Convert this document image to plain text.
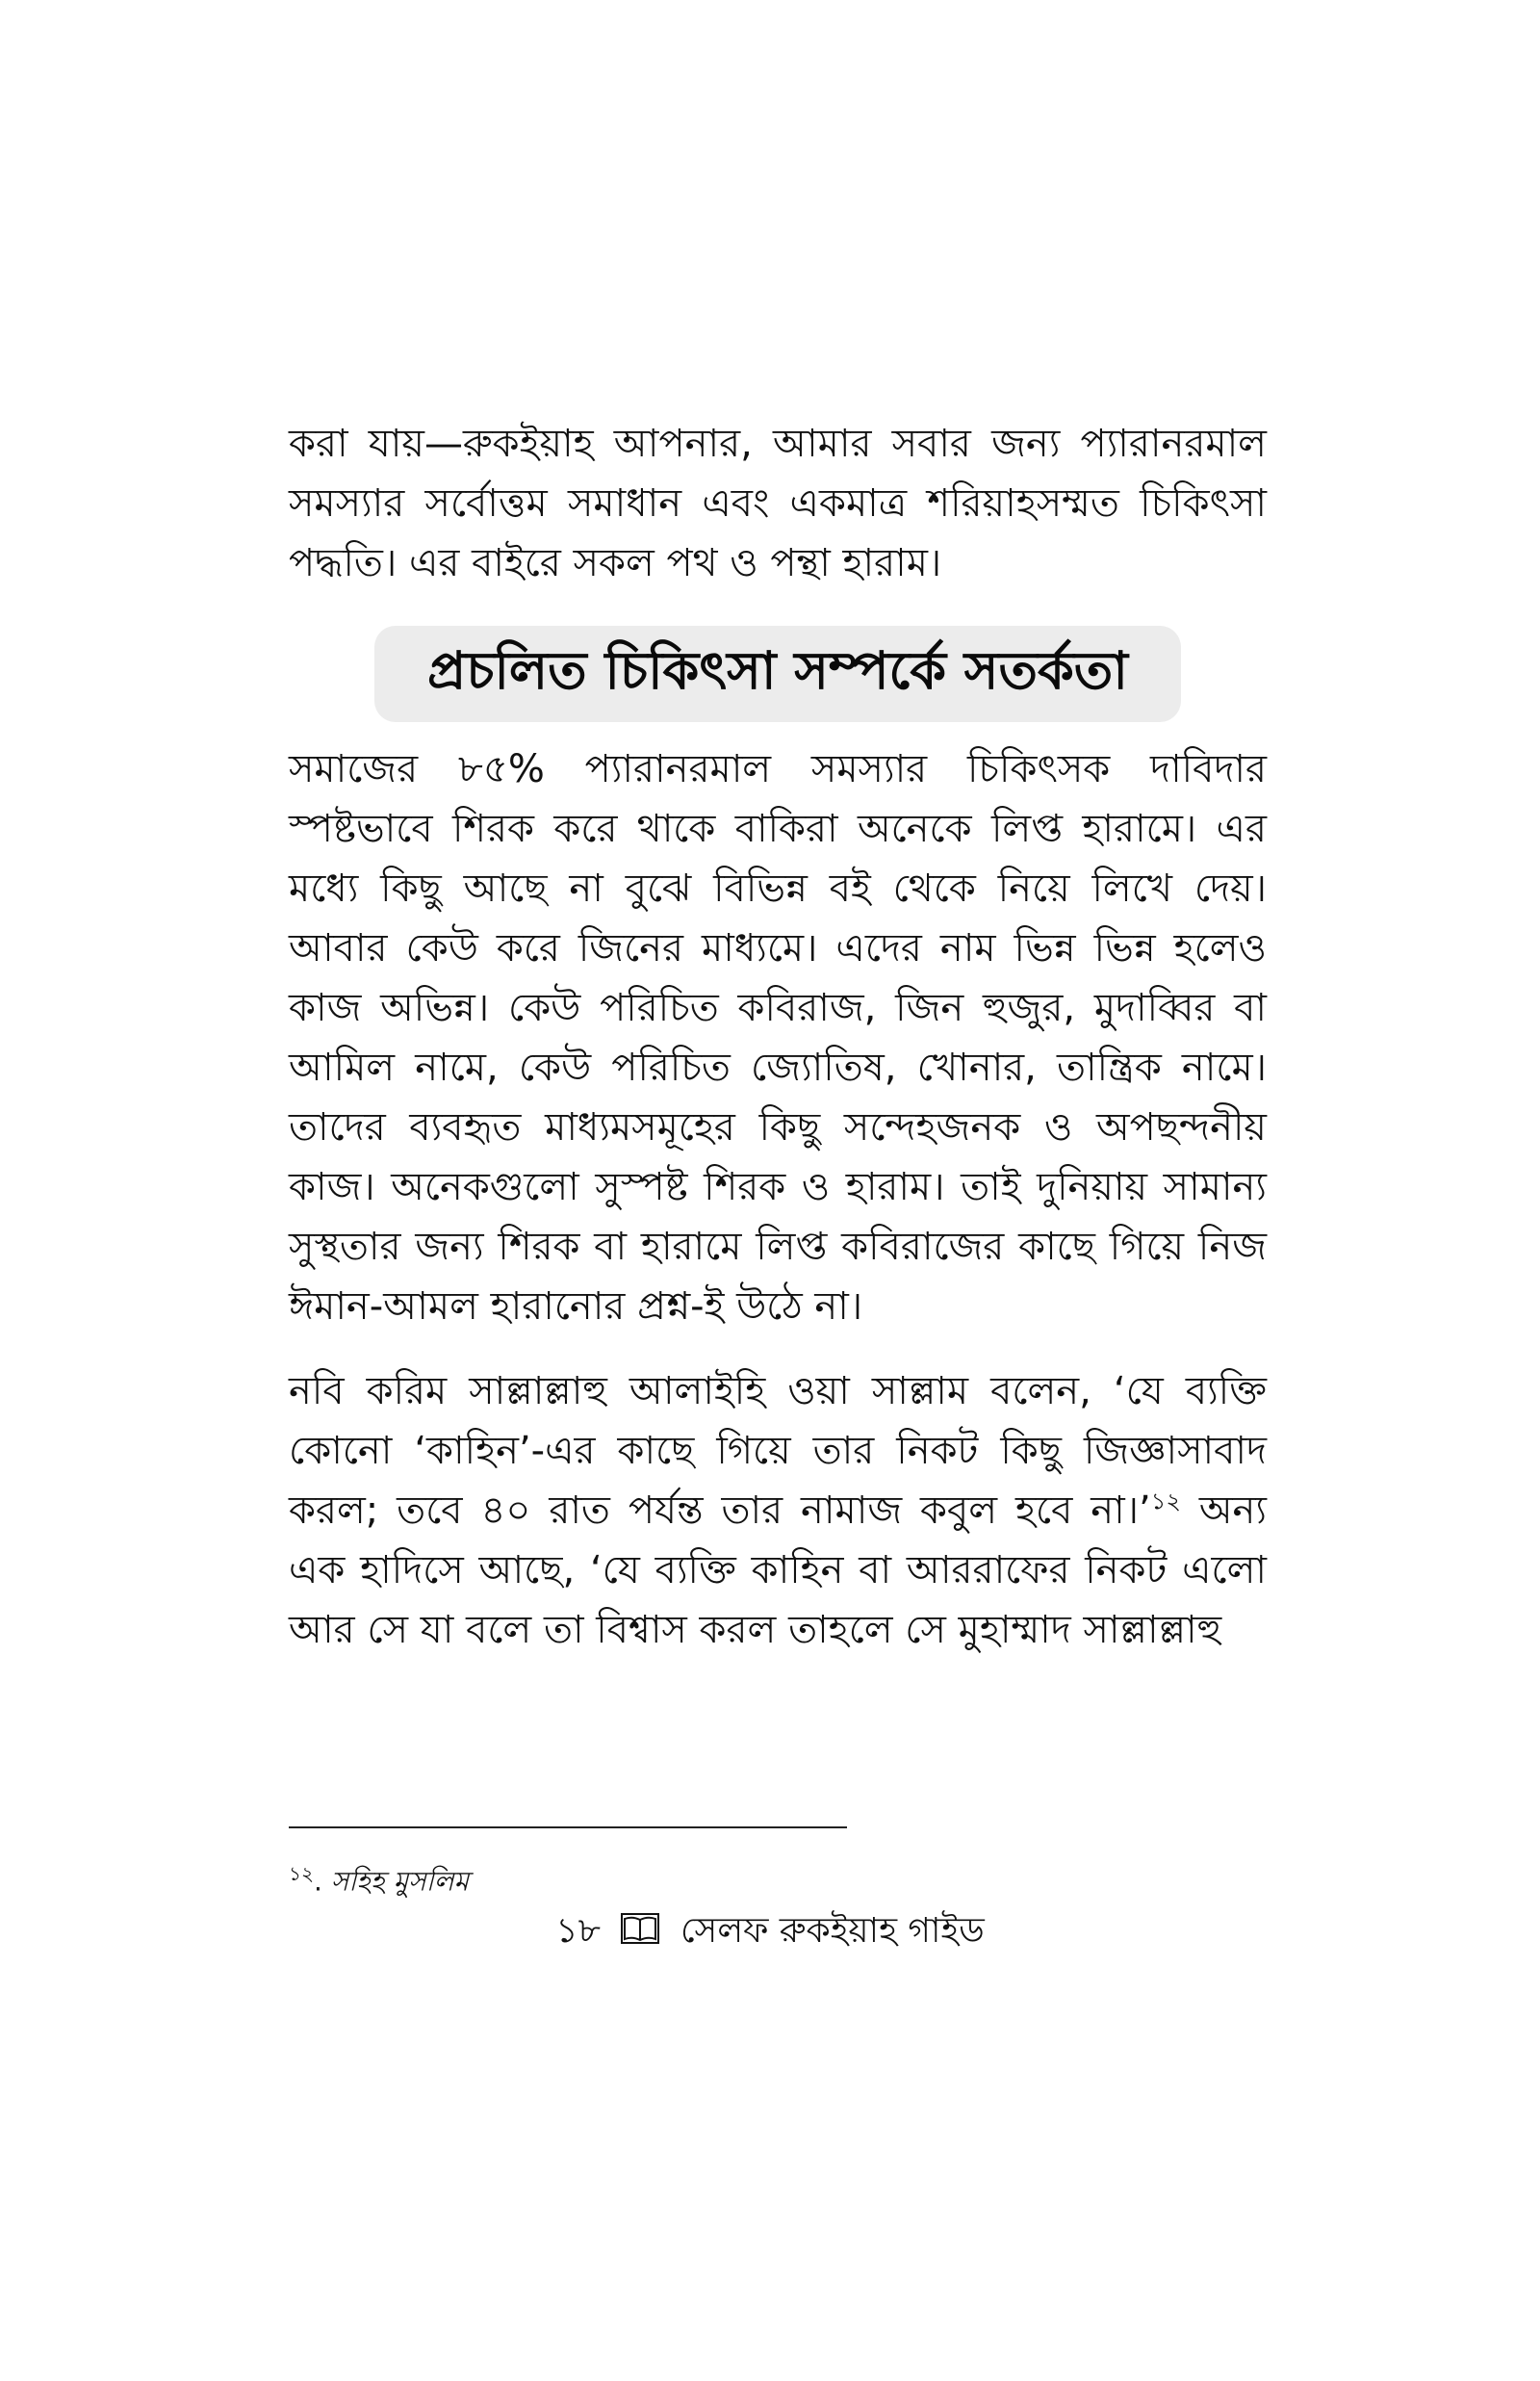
করা যায়—রুকইয়াহ আপনার, আমার সবার জন্য প্যারানরমাল সমস্যার সর্বোত্তম সমাধান এবং একমাত্র শরিয়াহসম্মত চিকিৎসা পদ্ধতি। এর বাইরে সকল পথ ও পন্থা হারাম।

প্রচলিত চিকিৎসা সম্পর্কে সতর্কতা

সমাজের ৮৫% প্যারানরমাল সমস্যার চিকিৎসক দাবিদার স্পষ্টভাবে শিরক করে থাকে বাকিরা অনেকে লিপ্ত হারামে। এর মধ্যে কিছু আছে না বুঝে বিভিন্ন বই থেকে নিয়ে লিখে দেয়। আবার কেউ করে জিনের মাধ্যমে। এদের নাম ভিন্ন ভিন্ন হলেও কাজ অভিন্ন। কেউ পরিচিত কবিরাজ, জিন হুজুর, মুদাব্বির বা আমিল নামে, কেউ পরিচিত জ্যোতিষ, খোনার, তান্ত্রিক নামে। তাদের ব্যবহৃত মাধ্যমসমূহের কিছু সন্দেহজনক ও অপছন্দনীয় কাজ। অনেকগুলো সুস্পষ্ট শিরক ও হারাম। তাই দুনিয়ায় সামান্য সুস্থতার জন্য শিরক বা হারামে লিপ্ত কবিরাজের কাছে গিয়ে নিজ ঈমান-আমল হারানোর প্রশ্ন-ই উঠে না।

নবি করিম সাল্লাল্লাহু আলাইহি ওয়া সাল্লাম বলেন, ‘যে ব্যক্তি কোনো ‘কাহিন’-এর কাছে গিয়ে তার নিকট কিছু জিজ্ঞাসাবাদ করল; তবে ৪০ রাত পর্যন্ত তার নামাজ কবুল হবে না।’$^{১২}$ অন্য এক হাদিসে আছে, ‘যে ব্যক্তি কাহিন বা আররাফের নিকট এলো আর সে যা বলে তা বিশ্বাস করল তাহলে সে মুহাম্মাদ সাল্লাল্লাহু

$^{১২}$. সহিহ মুসলিম
১৮ সেলফ রুকইয়াহ গাইড
